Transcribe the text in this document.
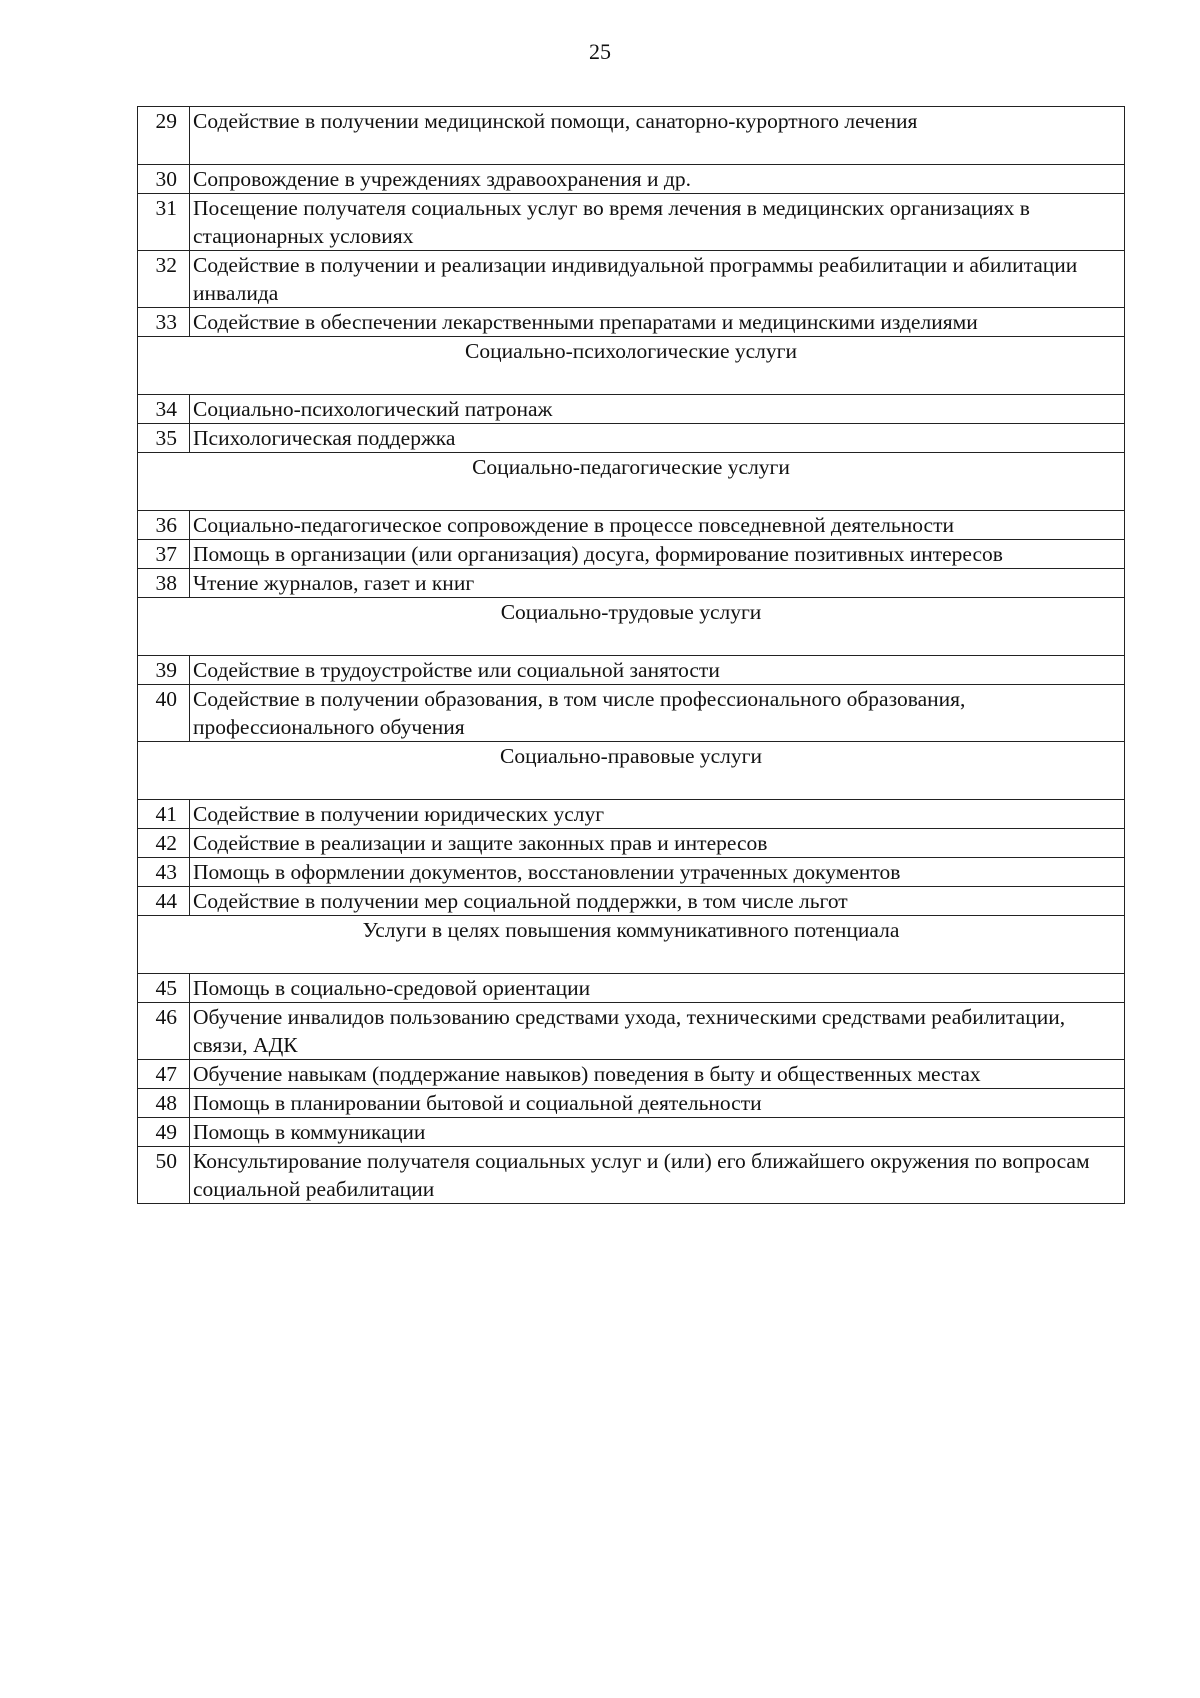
25
29	Содействие в получении медицинской помощи, санаторно-курортного лечения
30	Сопровождение в учреждениях здравоохранения и др.
31	Посещение получателя социальных услуг во время лечения в медицинских организациях в стационарных условиях
32	Содействие в получении и реализации индивидуальной программы реабилитации и абилитации инвалида
33	Содействие в обеспечении лекарственными препаратами и медицинскими изделиями
Социально-психологические услуги	
34	Социально-психологический патронаж
35	Психологическая поддержка
Социально-педагогические услуги	
36	Социально-педагогическое сопровождение в процессе повседневной деятельности
37	Помощь в организации (или организация) досуга, формирование позитивных интересов
38	Чтение журналов, газет и книг
Социально-трудовые услуги	
39	Содействие в трудоустройстве или социальной занятости
40	Содействие в получении образования, в том числе профессионального образования, профессионального обучения
Социально-правовые услуги	
41	Содействие в получении юридических услуг
42	Содействие в реализации и защите законных прав и интересов
43	Помощь в оформлении документов, восстановлении утраченных документов
44	Содействие в получении мер социальной поддержки, в том числе льгот
Услуги в целях повышения коммуникативного потенциала	
45	Помощь в социально-средовой ориентации
46	Обучение инвалидов пользованию средствами ухода, техническими средствами реабилитации, связи, АДК
47	Обучение навыкам (поддержание навыков) поведения в быту и общественных местах
48	Помощь в планировании бытовой и социальной деятельности
49	Помощь в коммуникации
50	Консультирование получателя социальных услуг и (или) его ближайшего окружения по вопросам социальной реабилитации
